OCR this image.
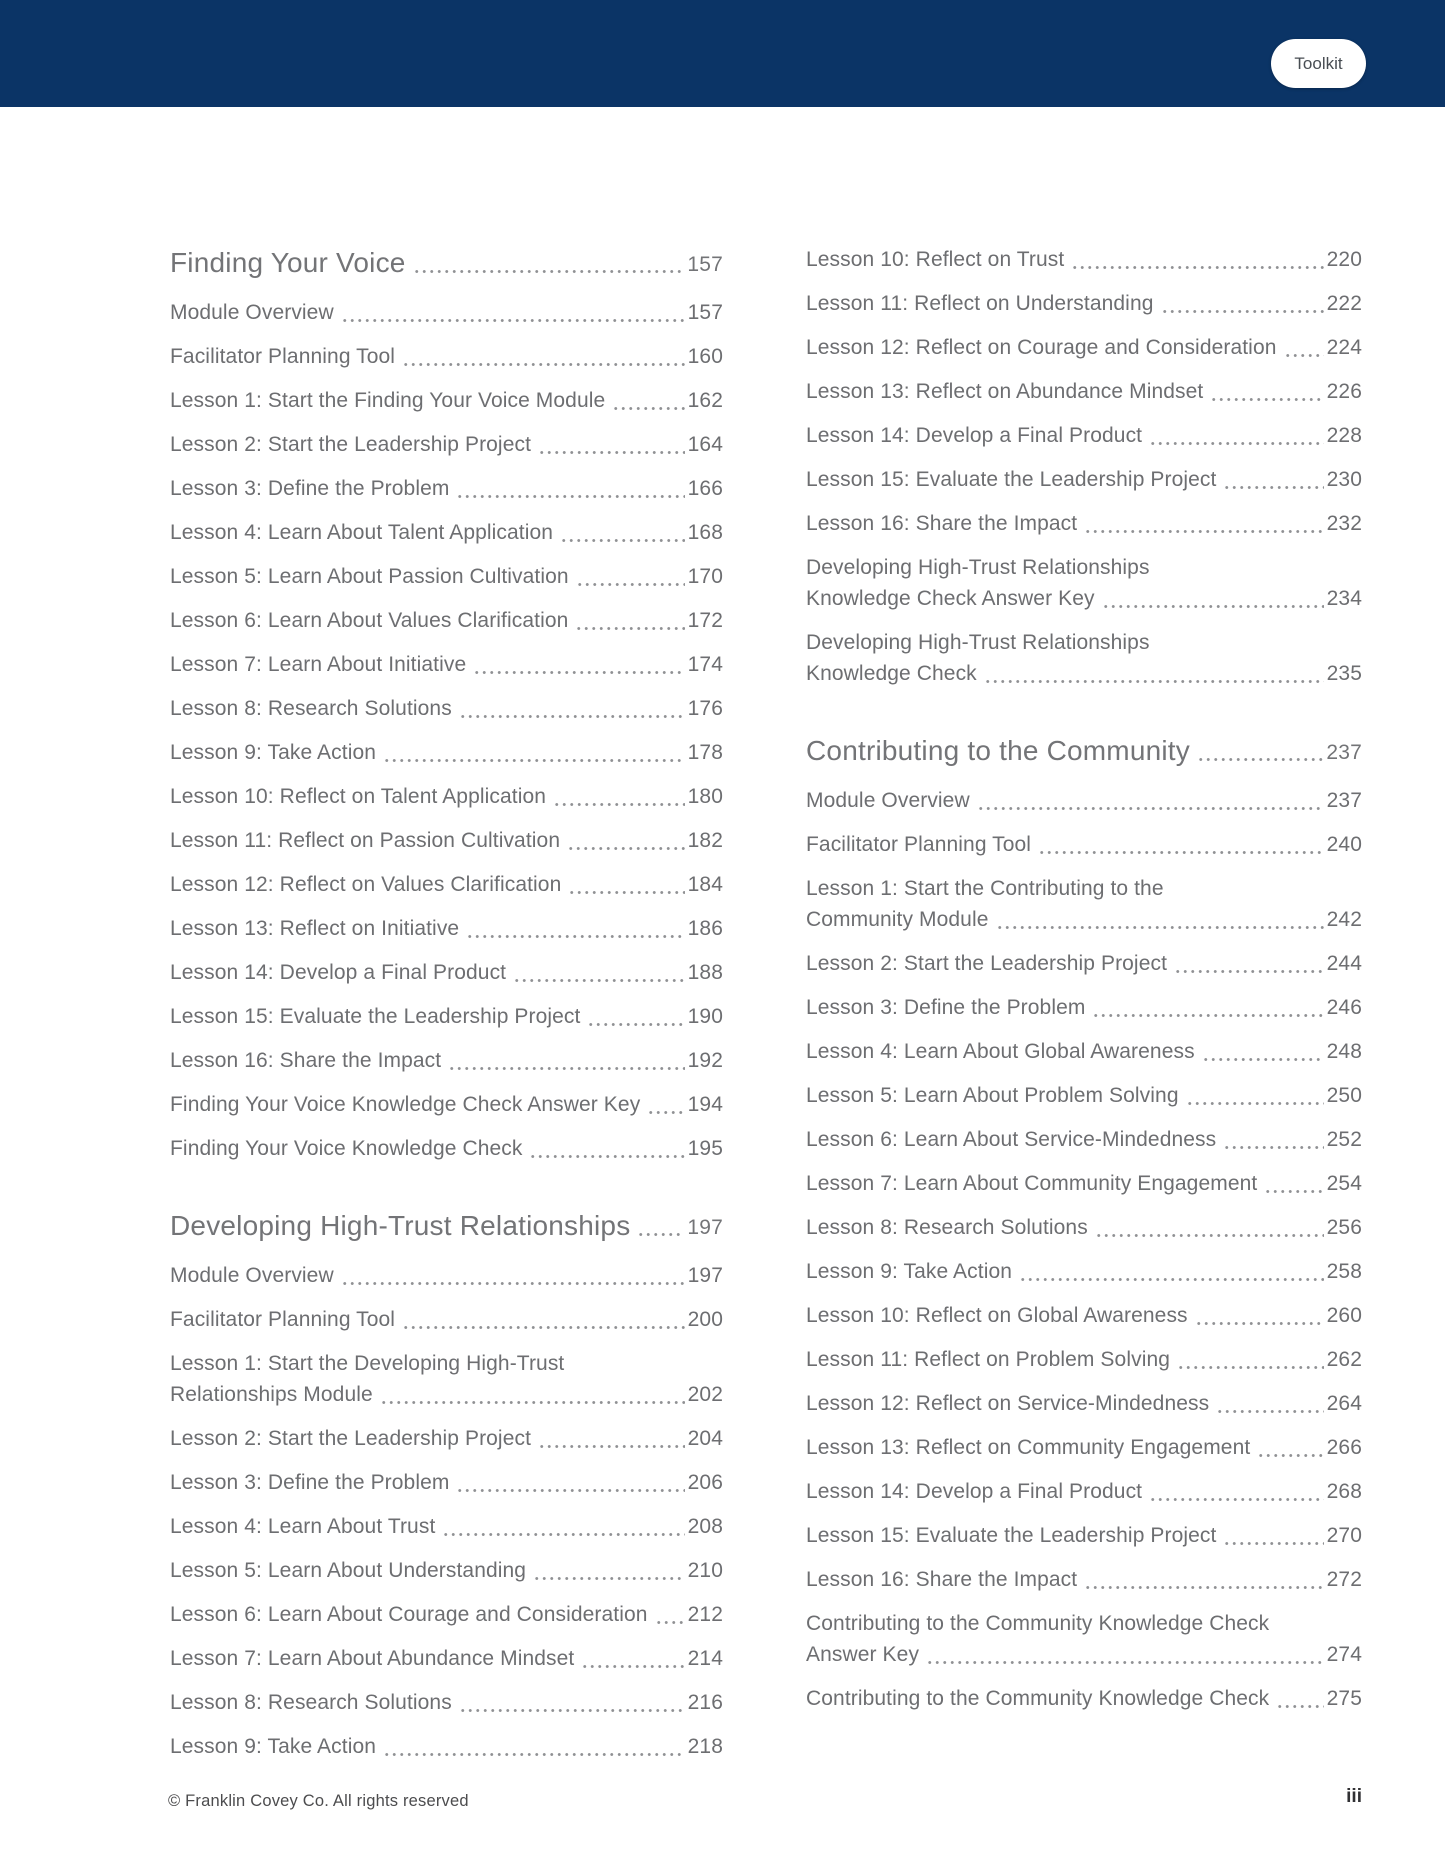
Toolkit
Finding Your Voice	157
Module Overview	157
Facilitator Planning Tool	160
Lesson 1: Start the Finding Your Voice Module	162
Lesson 2: Start the Leadership Project	164
Lesson 3: Define the Problem	166
Lesson 4: Learn About Talent Application	168
Lesson 5: Learn About Passion Cultivation	170
Lesson 6: Learn About Values Clarification	172
Lesson 7: Learn About Initiative	174
Lesson 8: Research Solutions	176
Lesson 9: Take Action	178
Lesson 10: Reflect on Talent Application	180
Lesson 11: Reflect on Passion Cultivation	182
Lesson 12: Reflect on Values Clarification	184
Lesson 13: Reflect on Initiative	186
Lesson 14: Develop a Final Product	188
Lesson 15: Evaluate the Leadership Project	190
Lesson 16: Share the Impact	192
Finding Your Voice Knowledge Check Answer Key 194
Finding Your Voice Knowledge Check	195
Developing High-Trust Relationships	197
Module Overview	197
Facilitator Planning Tool	200
Lesson 1: Start the Developing High-Trust
Relationships Module	202
Lesson 2: Start the Leadership Project	204
Lesson 3: Define the Problem	206
Lesson 4: Learn About Trust	208
Lesson 5: Learn About Understanding	210
Lesson 6: Learn About Courage and Consideration 212
Lesson 7: Learn About Abundance Mindset	214
Lesson 8: Research Solutions	216
Lesson 9: Take Action	218
Lesson 10: Reflect on Trust	220
Lesson 11: Reflect on Understanding	222
Lesson 12: Reflect on Courage and Consideration 224
Lesson 13: Reflect on Abundance Mindset	226
Lesson 14: Develop a Final Product	228
Lesson 15: Evaluate the Leadership Project	230
Lesson 16: Share the Impact	232
Developing High-Trust Relationships
Knowledge Check Answer Key	234
Developing High-Trust Relationships
Knowledge Check	235
Contributing to the Community	237
Module Overview	237
Facilitator Planning Tool	240
Lesson 1: Start the Contributing to the
Community Module	242
Lesson 2: Start the Leadership Project	244
Lesson 3: Define the Problem	246
Lesson 4: Learn About Global Awareness	248
Lesson 5: Learn About Problem Solving	250
Lesson 6: Learn About Service-Mindedness	252
Lesson 7: Learn About Community Engagement	254
Lesson 8: Research Solutions	256
Lesson 9: Take Action	258
Lesson 10: Reflect on Global Awareness	260
Lesson 11: Reflect on Problem Solving	262
Lesson 12: Reflect on Service-Mindedness	264
Lesson 13: Reflect on Community Engagement	266
Lesson 14: Develop a Final Product	268
Lesson 15: Evaluate the Leadership Project	270
Lesson 16: Share the Impact	272
Contributing to the Community Knowledge Check
Answer Key	274
Contributing to the Community Knowledge Check	275
© Franklin Covey Co. All rights reserved	iii
